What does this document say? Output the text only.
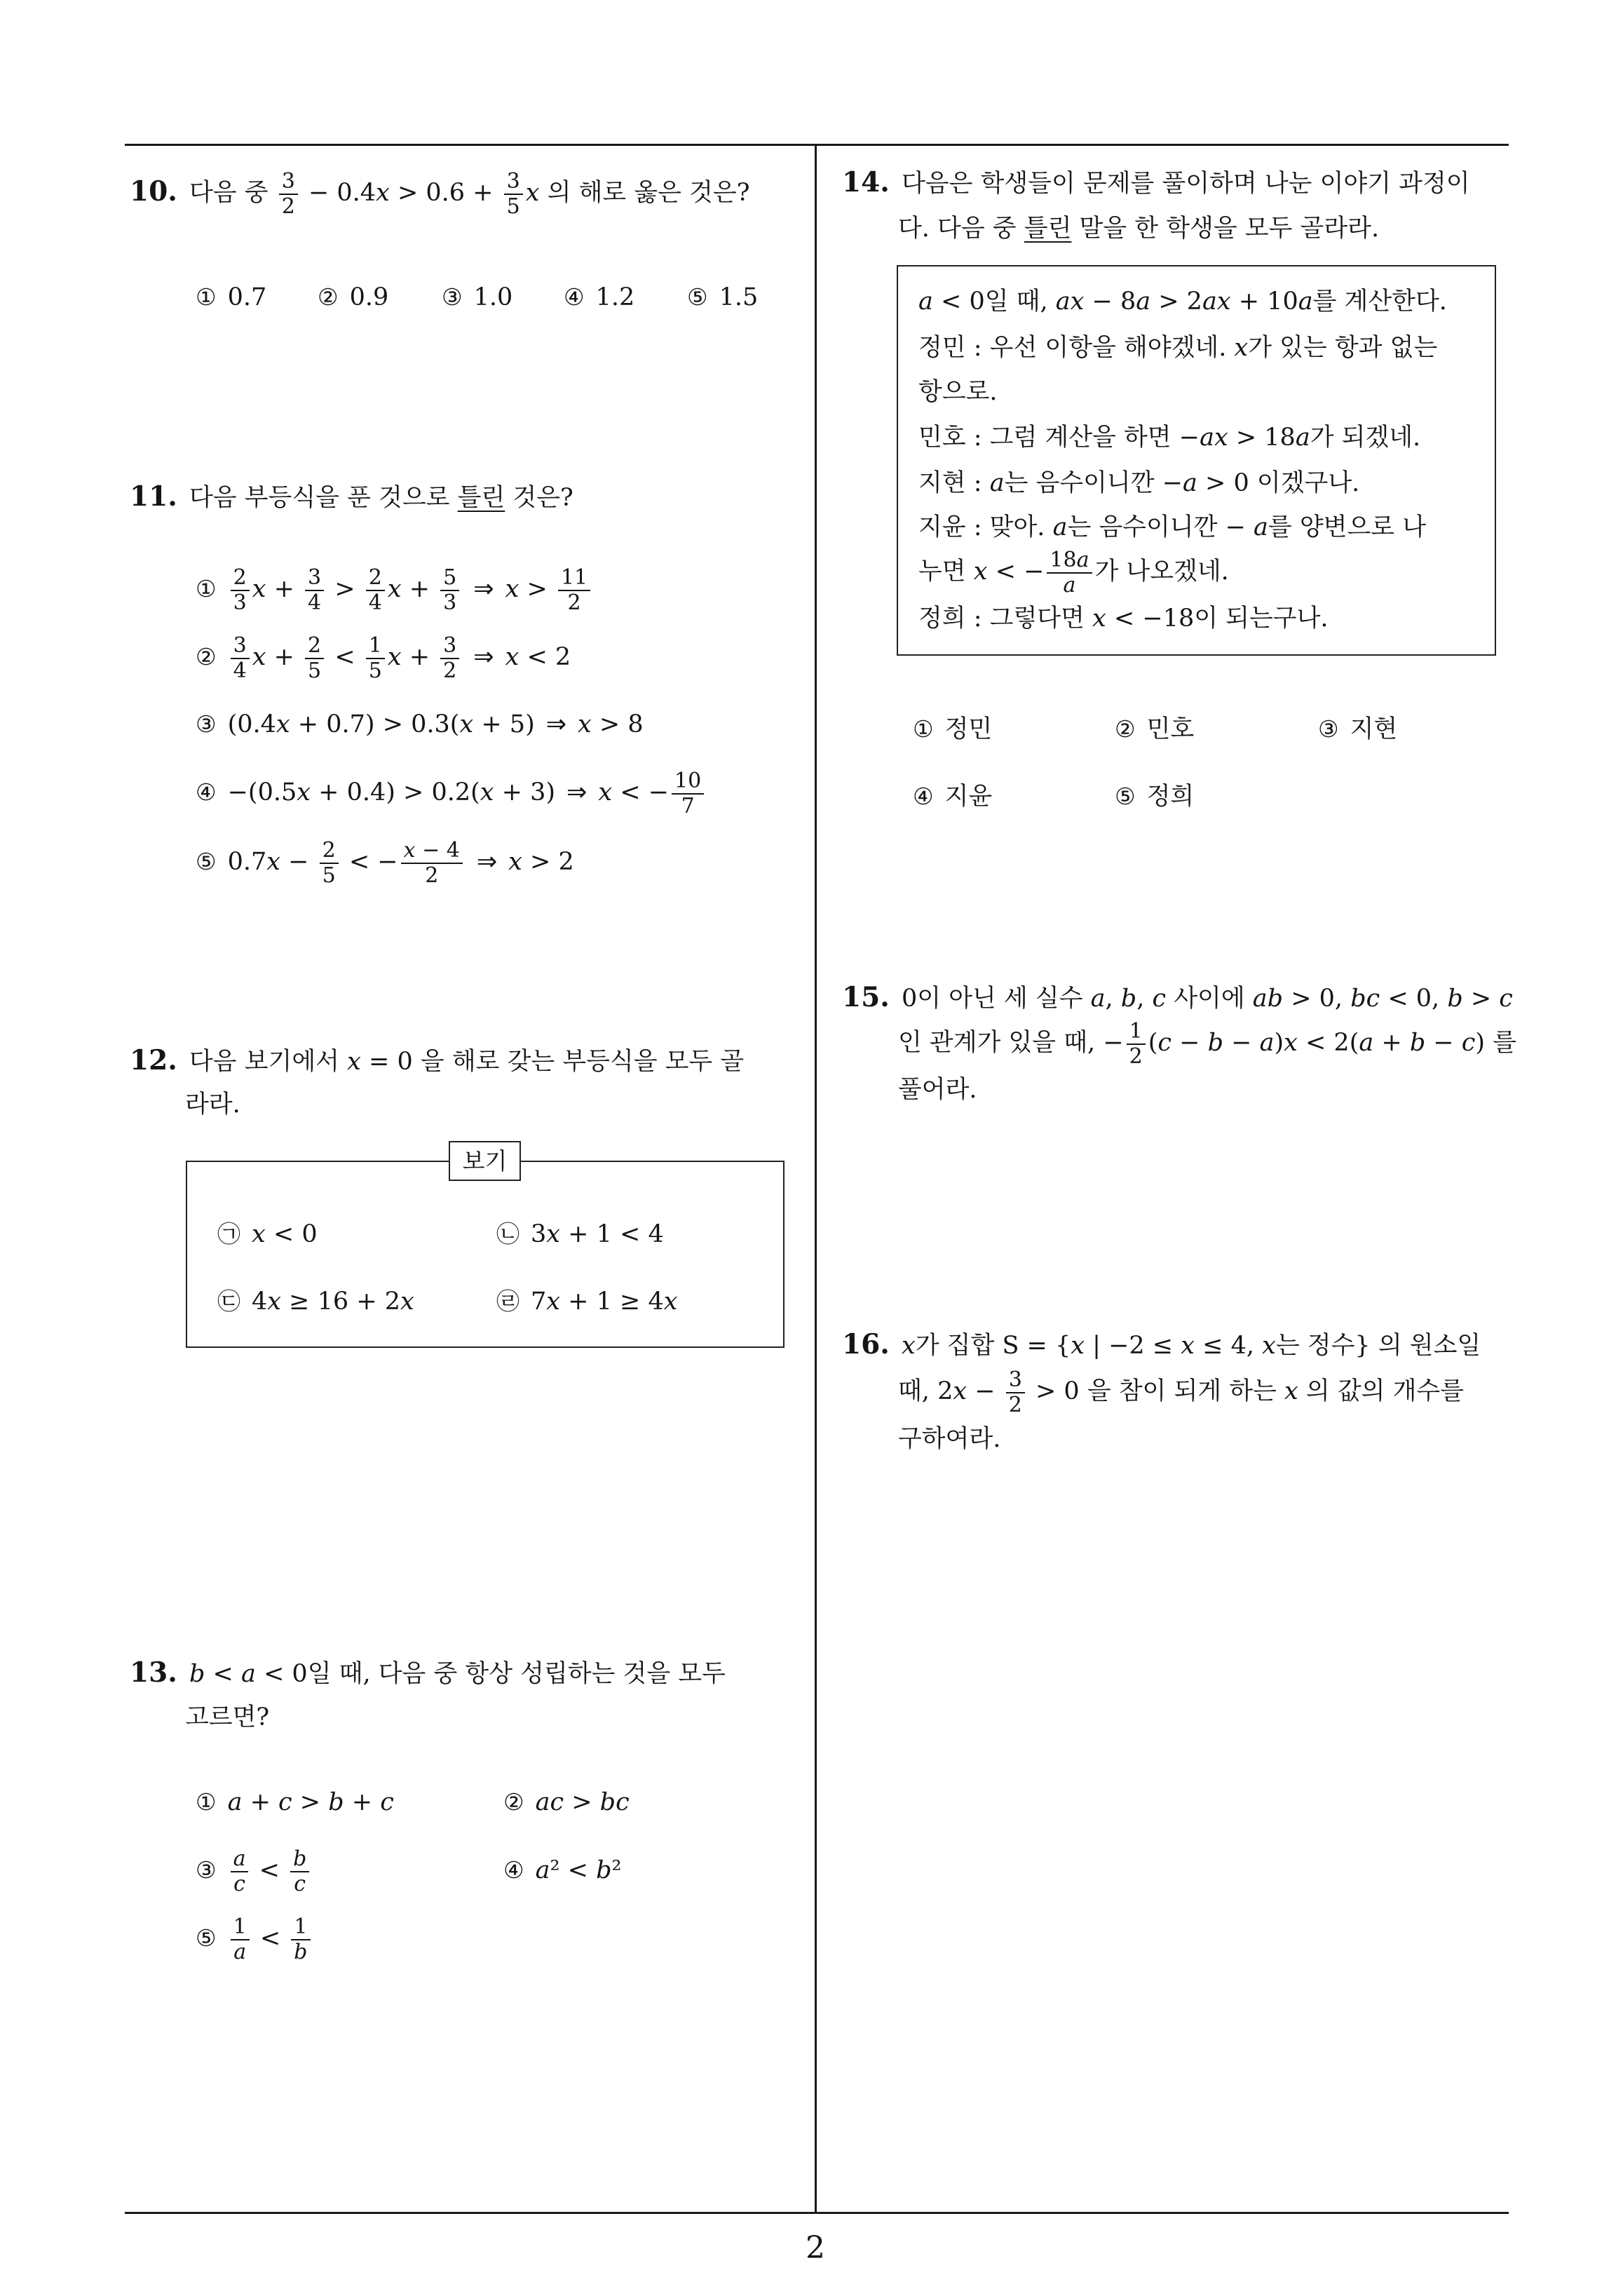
10. 다음 중 $\frac{3}{2} - 0.4x > 0.6 + \frac{3}{5}$ x 의 해로 옳은 것은?
① 0.7 ② 0.9 ③ 1.0 ④ 1.2 ⑤ 1.5
11. 다음 부등식을 푼 것으로 틀린 것은?
① $\frac{2}{3}$ $x + \frac{3}{4} > \frac{2}{4}$ $x + \frac{5}{3}$ ⇒ $x > \frac{11}{2}$
② $\frac{3}{4}$ $x + \frac{2}{5} < \frac{1}{5}$ $x + \frac{3}{2}$ ⇒ x < 2
③ (0.4x + 0.7) > 0.3(x + 5) ⇒ x > 8
④ −(0.5x + 0.4) > 0.2(x + 3) ⇒ x < − $\frac{10}{7}$
⑤ $0.7x - \frac{2}{5}$ < − $\frac{x - 4}{2}$ ⇒ x > 2
12. 다음 보기에서 x = 0 을 해로 갖는 부등식을 모두 골
라라.
보기
㉠ x < 0	㉡ 3x + 1 < 4
㉢ 4x ≥ 16 + 2x	㉣ 7x + 1 ≥ 4x
13. b < a < 0일 때, 다음 중 항상 성립하는 것을 모두
고르면?
① a + c > b + c	② ac > bc
③ $\frac{a}{c} < \frac{b}{c}$	④ a² < b²
⑤ $\frac{1}{a} < \frac{1}{b}$
14. 다음은 학생들이 문제를 풀이하며 나눈 이야기 과정이
다. 다음 중 틀린 말을 한 학생을 모두 골라라.
a < 0일 때, ax − 8a > 2ax + 10a를 계산한다.
정민 : 우선 이항을 해야겠네. x가 있는 항과 없는
항으로.
민호 : 그럼 계산을 하면 −ax > 18a가 되겠네.
지현 : a는 음수이니깐 −a > 0 이겠구나.
지윤 : 맞아. a는 음수이니깐 − a를 양변으로 나
누면 x < − $\frac{18a}{a}$ 가 나오겠네.
정희 : 그렇다면 x < −18이 되는구나.
① 정민	② 민호	③ 지현
④ 지윤	⑤ 정희
15. 0이 아닌 세 실수 a, b, c 사이에 ab > 0, bc < 0, b > c
인 관계가 있을 때, − $\frac{1}{2} (c - b - a)x < 2(a + b - c)$ 를
풀어라.
16. x가 집합 S = {x | −2 ≤ x ≤ 4, x는 정수} 의 원소일
때, $2x - \frac{3}{2} > 0$ 을 참이 되게 하는 x 의 값의 개수를
구하여라.
2
